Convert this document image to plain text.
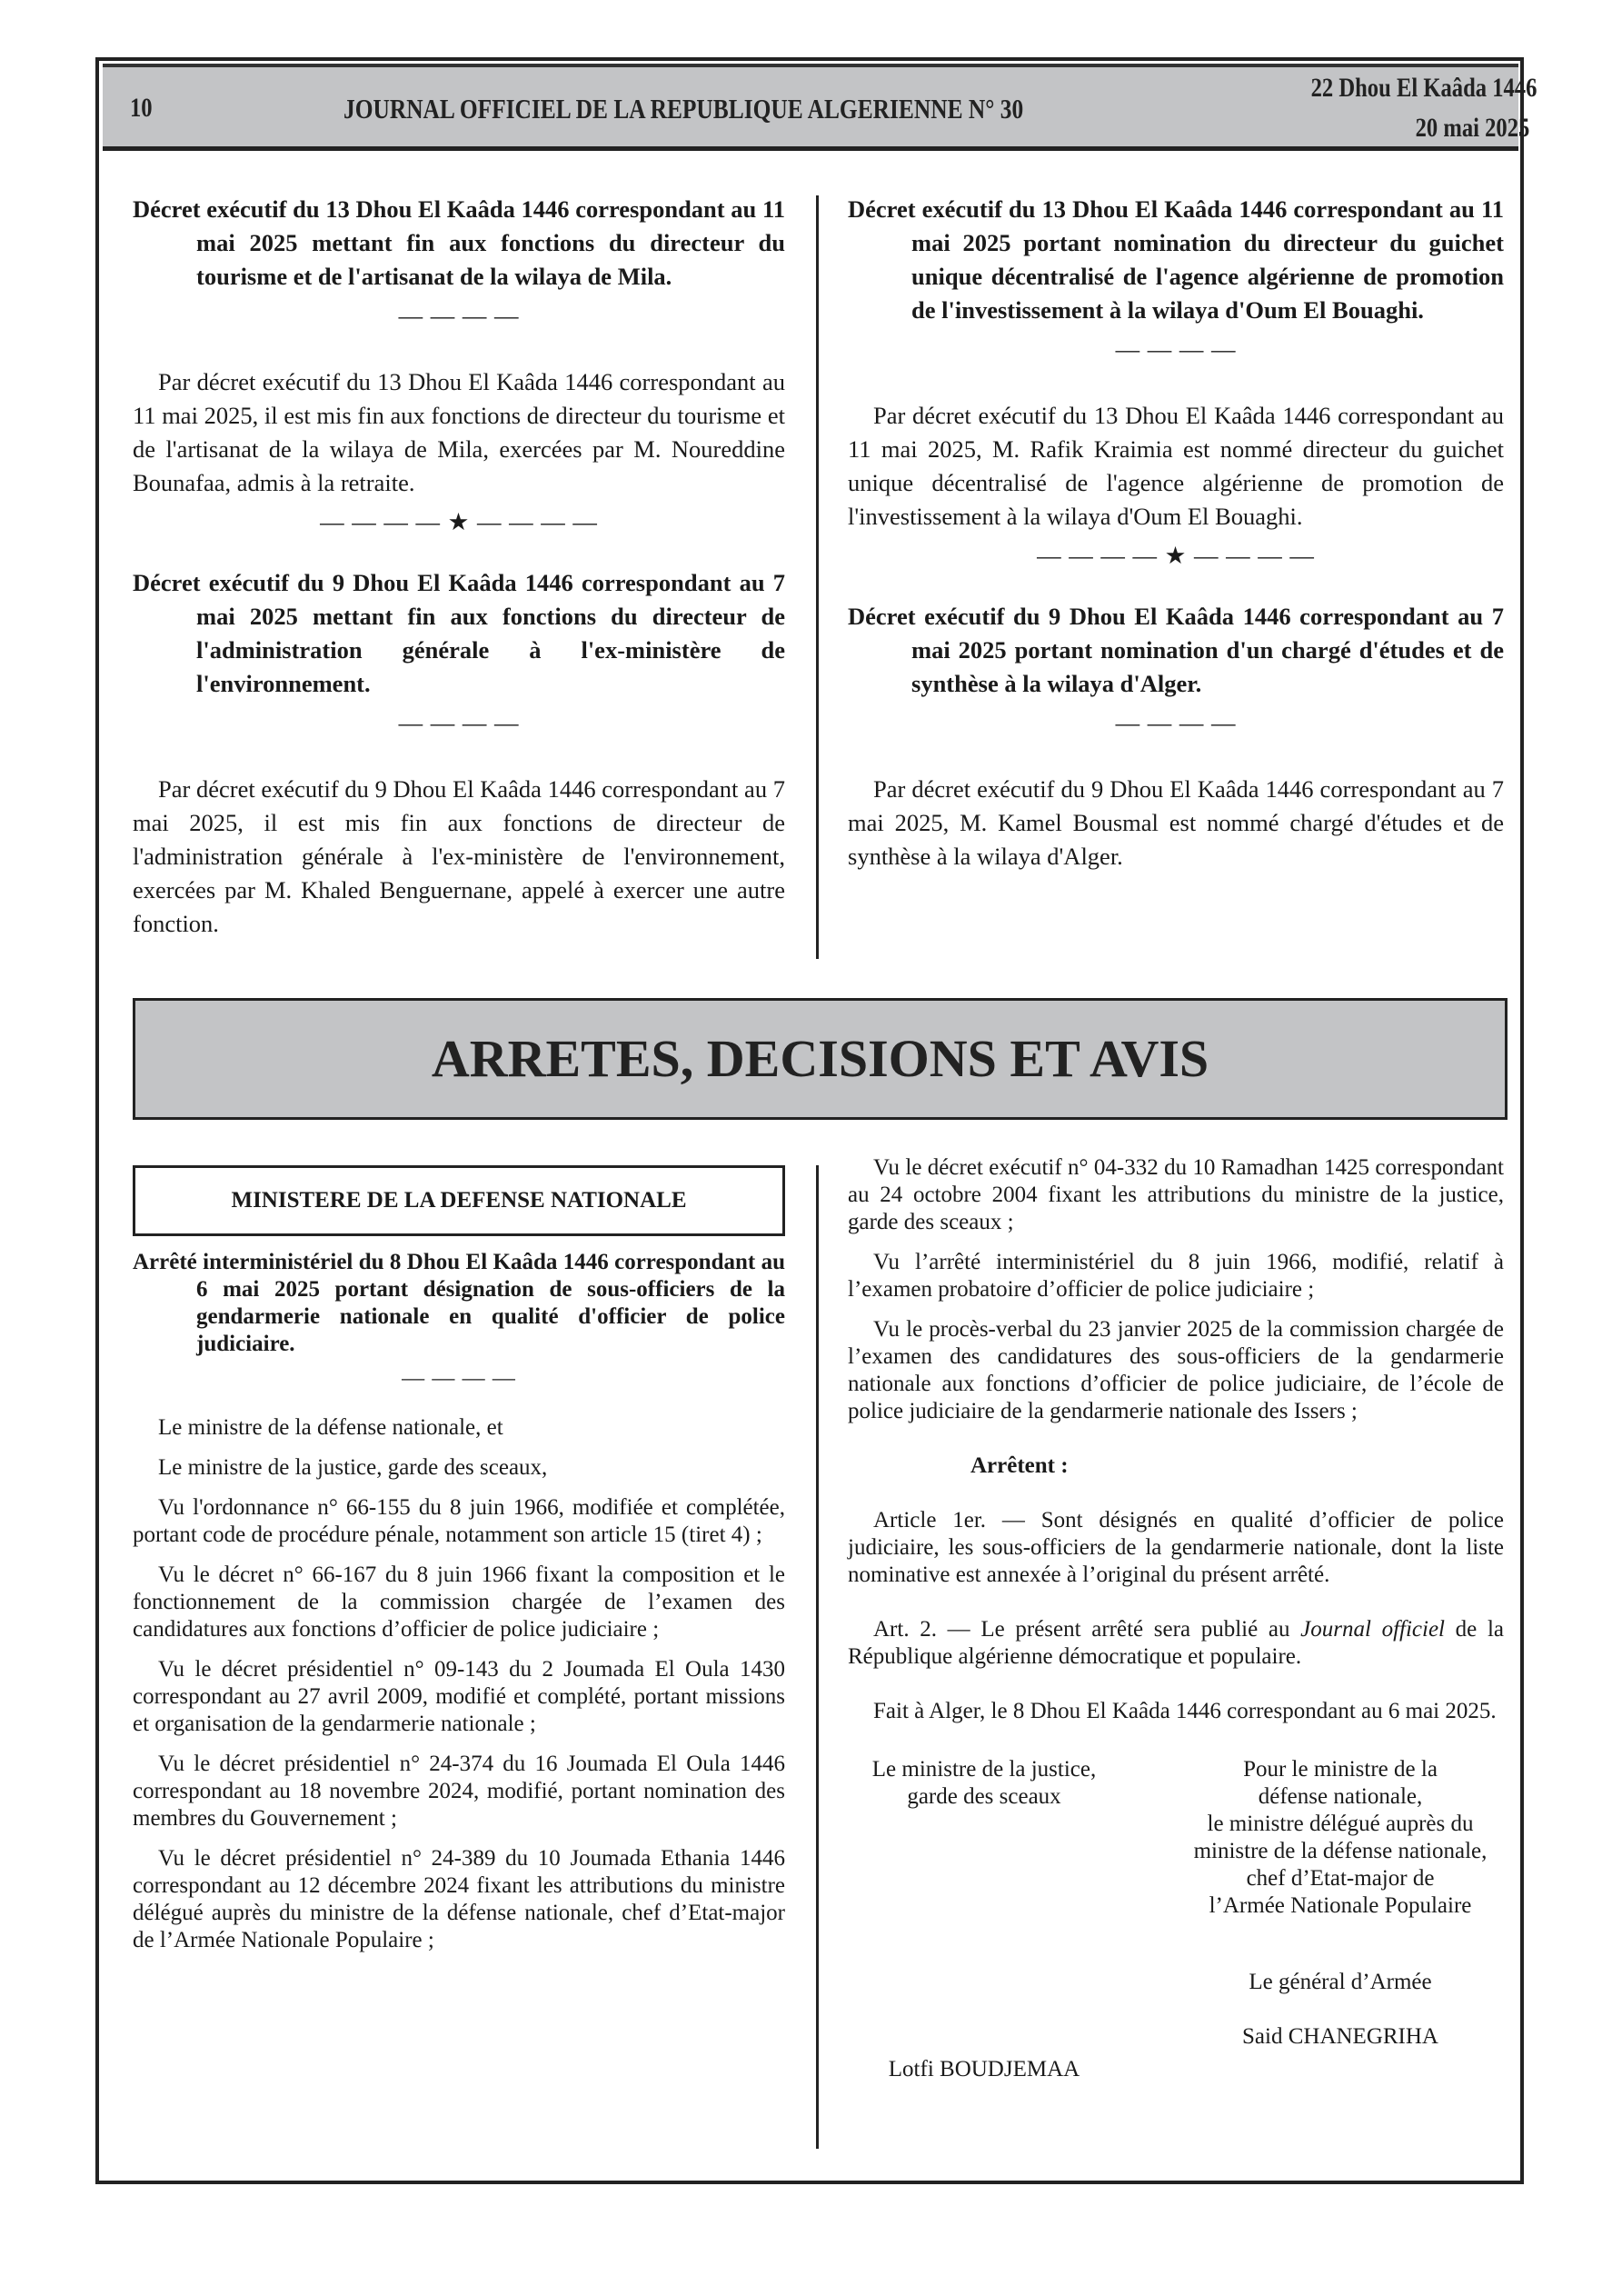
10	JOURNAL OFFICIEL DE LA REPUBLIQUE ALGERIENNE N° 30
22 Dhou El Kaâda 1446
20 mai 2025
Décret exécutif du 13 Dhou El Kaâda 1446 correspondant au 11 mai 2025 mettant fin aux fonctions du directeur du tourisme et de l'artisanat de la wilaya de Mila.
— — — —
Par décret exécutif du 13 Dhou El Kaâda 1446 correspondant au 11 mai 2025, il est mis fin aux fonctions de directeur du tourisme et de l'artisanat de la wilaya de Mila, exercées par M. Noureddine Bounafaa, admis à la retraite.
— — — — ★ — — — —
Décret exécutif du 9 Dhou El Kaâda 1446 correspondant au 7 mai 2025 mettant fin aux fonctions du directeur de l'administration générale à l'ex-ministère de l'environnement.
— — — —
Par décret exécutif du 9 Dhou El Kaâda 1446 correspondant au 7 mai 2025, il est mis fin aux fonctions de directeur de l'administration générale à l'ex-ministère de l'environnement, exercées par M. Khaled Benguernane, appelé à exercer une autre fonction.
Décret exécutif du 13 Dhou El Kaâda 1446 correspondant au 11 mai 2025 portant nomination du directeur du guichet unique décentralisé de l'agence algérienne de promotion de l'investissement à la wilaya d'Oum El Bouaghi.
— — — —
Par décret exécutif du 13 Dhou El Kaâda 1446 correspondant au 11 mai 2025, M. Rafik Kraimia est nommé directeur du guichet unique décentralisé de l'agence algérienne de promotion de l'investissement à la wilaya d'Oum El Bouaghi.
— — — — ★ — — — —
Décret exécutif du 9 Dhou El Kaâda 1446 correspondant au 7 mai 2025 portant nomination d'un chargé d'études et de synthèse à la wilaya d'Alger.
— — — —
Par décret exécutif du 9 Dhou El Kaâda 1446 correspondant au 7 mai 2025, M. Kamel Bousmal est nommé chargé d'études et de synthèse à la wilaya d'Alger.
ARRETES, DECISIONS ET AVIS
MINISTERE DE LA DEFENSE NATIONALE
Arrêté interministériel du 8 Dhou El Kaâda 1446 correspondant au 6 mai 2025 portant désignation de sous-officiers de la gendarmerie nationale en qualité d'officier de police judiciaire.
— — — —
Le ministre de la défense nationale, et
Le ministre de la justice, garde des sceaux,
Vu l'ordonnance n° 66-155 du 8 juin 1966, modifiée et complétée, portant code de procédure pénale, notamment son article 15 (tiret 4) ;
Vu le décret n° 66-167 du 8 juin 1966 fixant la composition et le fonctionnement de la commission chargée de l’examen des candidatures aux fonctions d’officier de police judiciaire ;
Vu le décret présidentiel n° 09-143 du 2 Joumada El Oula 1430 correspondant au 27 avril 2009, modifié et complété, portant missions et organisation de la gendarmerie nationale ;
Vu le décret présidentiel n° 24-374 du 16 Joumada El Oula 1446 correspondant au 18 novembre 2024, modifié, portant nomination des membres du Gouvernement ;
Vu le décret présidentiel n° 24-389 du 10 Joumada Ethania 1446 correspondant au 12 décembre 2024 fixant les attributions du ministre délégué auprès du ministre de la défense nationale, chef d’Etat-major de l’Armée Nationale Populaire ;
Vu le décret exécutif n° 04-332 du 10 Ramadhan 1425 correspondant au 24 octobre 2004 fixant les attributions du ministre de la justice, garde des sceaux ;
Vu l’arrêté interministériel du 8 juin 1966, modifié, relatif à l’examen probatoire d’officier de police judiciaire ;
Vu le procès-verbal du 23 janvier 2025 de la commission chargée de l’examen des candidatures des sous-officiers de la gendarmerie nationale aux fonctions d’officier de police judiciaire, de l’école de police judiciaire de la gendarmerie nationale des Issers ;
Arrêtent :
Article 1er. — Sont désignés en qualité d’officier de police judiciaire, les sous-officiers de la gendarmerie nationale, dont la liste nominative est annexée à l’original du présent arrêté.
Art. 2. — Le présent arrêté sera publié au Journal officiel de la République algérienne démocratique et populaire.
Fait à Alger, le 8 Dhou El Kaâda 1446 correspondant au 6 mai 2025.

Le ministre de la justice,
garde des sceaux

Lotfi BOUDJEMAA

Pour le ministre de la
défense nationale,
le ministre délégué auprès du
ministre de la défense nationale,
chef d’Etat-major de
l’Armée Nationale Populaire

Le général d’Armée

Said CHANEGRIHA
